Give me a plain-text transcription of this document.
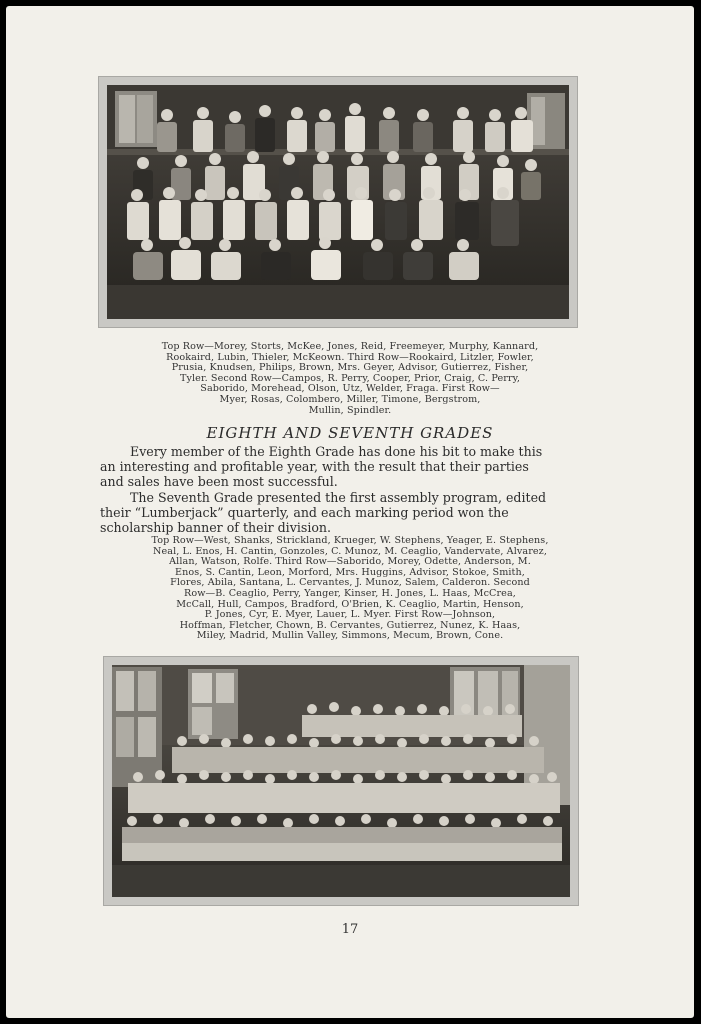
Top Row—Morey, Storts, McKee, Jones, Reid, Freemeyer, Murphy, Kannard,
Rookaird, Lubin, Thieler, McKeown. Third Row—Rookaird, Litzler, Fowler,
Prusia, Knudsen, Philips, Brown, Mrs. Geyer, Advisor, Gutierrez, Fisher,
Tyler. Second Row—Campos, R. Perry, Cooper, Prior, Craig, C. Perry,
Saborido, Morehead, Olson, Utz, Welder, Fraga. First Row—
Myer, Rosas, Colombero, Miller, Timone, Bergstrom,
Mullin, Spindler.
EIGHTH AND SEVENTH GRADES
Every member of the Eighth Grade has done his bit to make this
an interesting and profitable year, with the result that their parties
and sales have been most successful.
The Seventh Grade presented the first assembly program, edited
their “Lumberjack” quarterly, and each marking period won the
scholarship banner of their division.
Top Row—West, Shanks, Strickland, Krueger, W. Stephens, Yeager, E. Stephens,
Neal, L. Enos, H. Cantin, Gonzoles, C. Munoz, M. Ceaglio, Vandervate, Alvarez,
Allan, Watson, Rolfe. Third Row—Saborido, Morey, Odette, Anderson, M.
Enos, S. Cantin, Leon, Morford, Mrs. Huggins, Advisor, Stokoe, Smith,
Flores, Abila, Santana, L. Cervantes, J. Munoz, Salem, Calderon. Second
Row—B. Ceaglio, Perry, Yanger, Kinser, H. Jones, L. Haas, McCrea,
McCall, Hull, Campos, Bradford, O'Brien, K. Ceaglio, Martin, Henson,
P. Jones, Cyr, E. Myer, Lauer, L. Myer. First Row—Johnson,
Hoffman, Fletcher, Chown, B. Cervantes, Gutierrez, Nunez, K. Haas,
Miley, Madrid, Mullin Valley, Simmons, Mecum, Brown, Cone.
17
